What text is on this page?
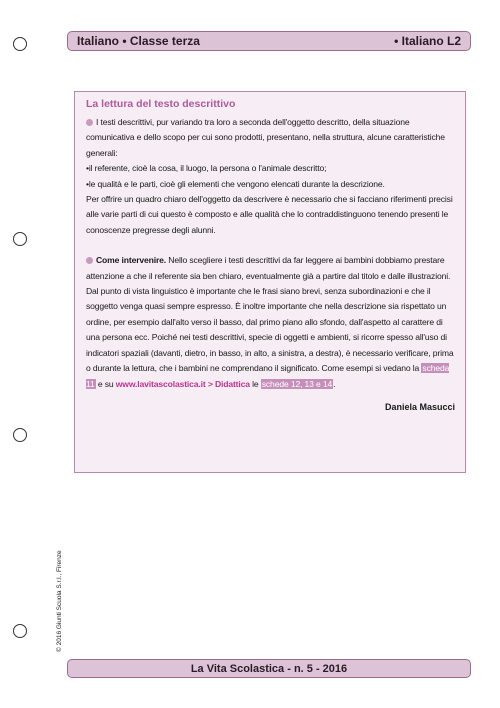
Italiano • Classe terza	• Italiano L2
La lettura del testo descrittivo

I testi descrittivi, pur variando tra loro a seconda dell'oggetto descritto, della situazione comunicativa e dello scopo per cui sono prodotti, presentano, nella struttura, alcune caratteristiche generali:

•il referente, cioè la cosa, il luogo, la persona o l'animale descritto;

•le qualità e le parti, cioè gli elementi che vengono elencati durante la descrizione.

Per offrire un quadro chiaro dell'oggetto da descrivere è necessario che si facciano riferimenti precisi alle varie parti di cui questo è composto e alle qualità che lo contraddistinguono tenendo presenti le conoscenze pregresse degli alunni.

Come intervenire. Nello scegliere i testi descrittivi da far leggere ai bambini dobbiamo prestare attenzione a che il referente sia ben chiaro, eventualmente già a partire dal titolo e dalle illustrazioni. Dal punto di vista linguistico è importante che le frasi siano brevi, senza subordinazioni e che il soggetto venga quasi sempre espresso. È inoltre importante che nella descrizione sia rispettato un ordine, per esempio dall'alto verso il basso, dal primo piano allo sfondo, dall'aspetto al carattere di una persona ecc. Poiché nei testi descrittivi, specie di oggetti e ambienti, si ricorre spesso all'uso di indicatori spaziali (davanti, dietro, in basso, in alto, a sinistra, a destra), è necessario verificare, prima o durante la lettura, che i bambini ne comprendano il significato. Come esempi si vedano la scheda 11 e su www.lavitascolastica.it > Didattica le schede 12, 13 e 14.

Daniela Masucci
© 2016 Giunti Scuola S.r.l., Firenze
La Vita Scolastica - n. 5 - 2016
